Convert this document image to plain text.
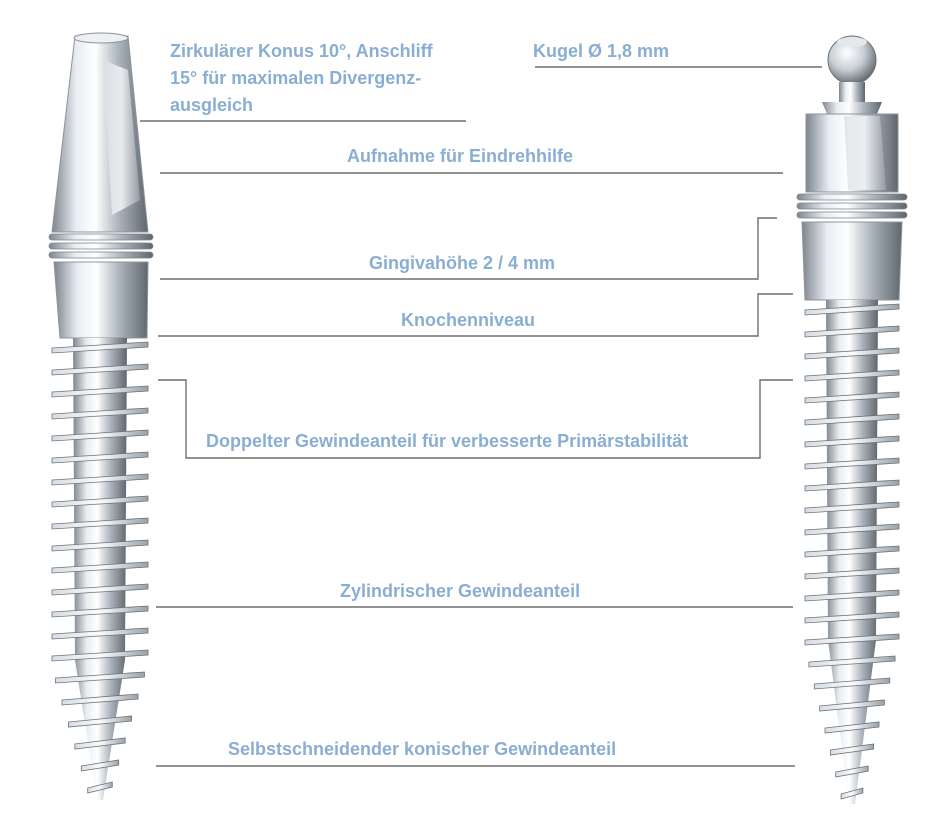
Zirkulärer Konus 10°, Anschliff
15° für maximalen Divergenz-
ausgleich
Kugel Ø 1,8 mm
Aufnahme für Eindrehhilfe
Gingivahöhe 2 / 4 mm
Knochenniveau
Doppelter Gewindeanteil für verbesserte Primärstabilität
Zylindrischer Gewindeanteil
Selbstschneidender konischer Gewindeanteil
